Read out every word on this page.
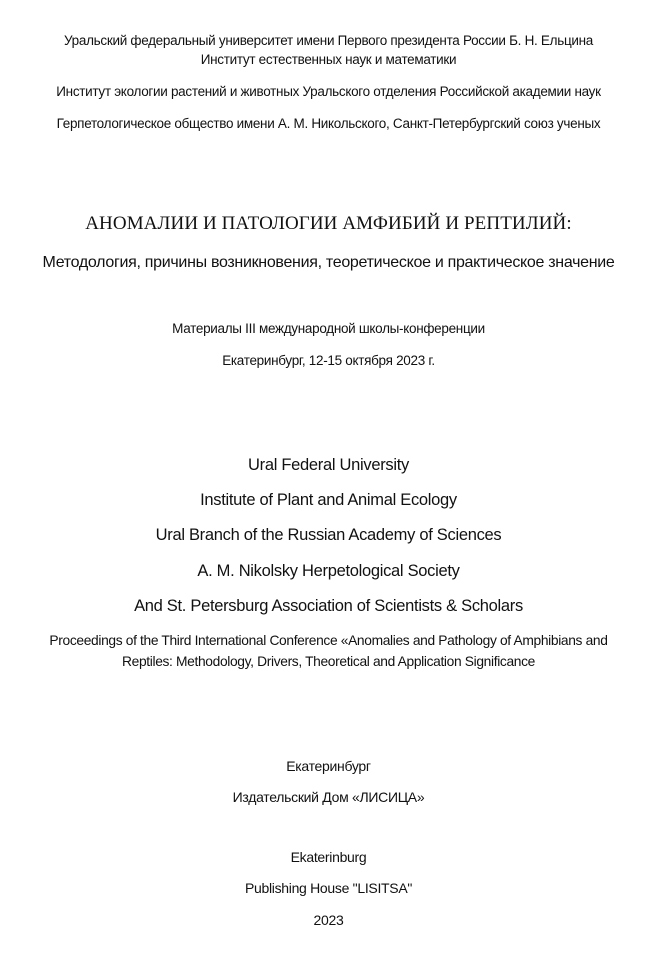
Уральский федеральный университет имени Первого президента России Б. Н. Ельцина
Институт естественных наук и математики
Институт экологии растений и животных Уральского отделения Российской академии наук
Герпетологическое общество имени А. М. Никольского, Санкт-Петербургский союз ученых
АНОМАЛИИ И ПАТОЛОГИИ АМФИБИЙ И РЕПТИЛИЙ:
Методология, причины возникновения, теоретическое и практическое значение
Материалы III международной школы-конференции
Екатеринбург, 12-15 октября 2023 г.
Ural Federal University
Institute of Plant and Animal Ecology
Ural Branch of the Russian Academy of Sciences
A. M. Nikolsky Herpetological Society
And St. Petersburg Association of Scientists & Scholars
Proceedings of the Third International Conference «Anomalies and Pathology of Amphibians and Reptiles: Methodology, Drivers, Theoretical and Application Significance
Екатеринбург
Издательский Дом «ЛИСИЦА»
Ekaterinburg
Publishing House "LISITSA"
2023
